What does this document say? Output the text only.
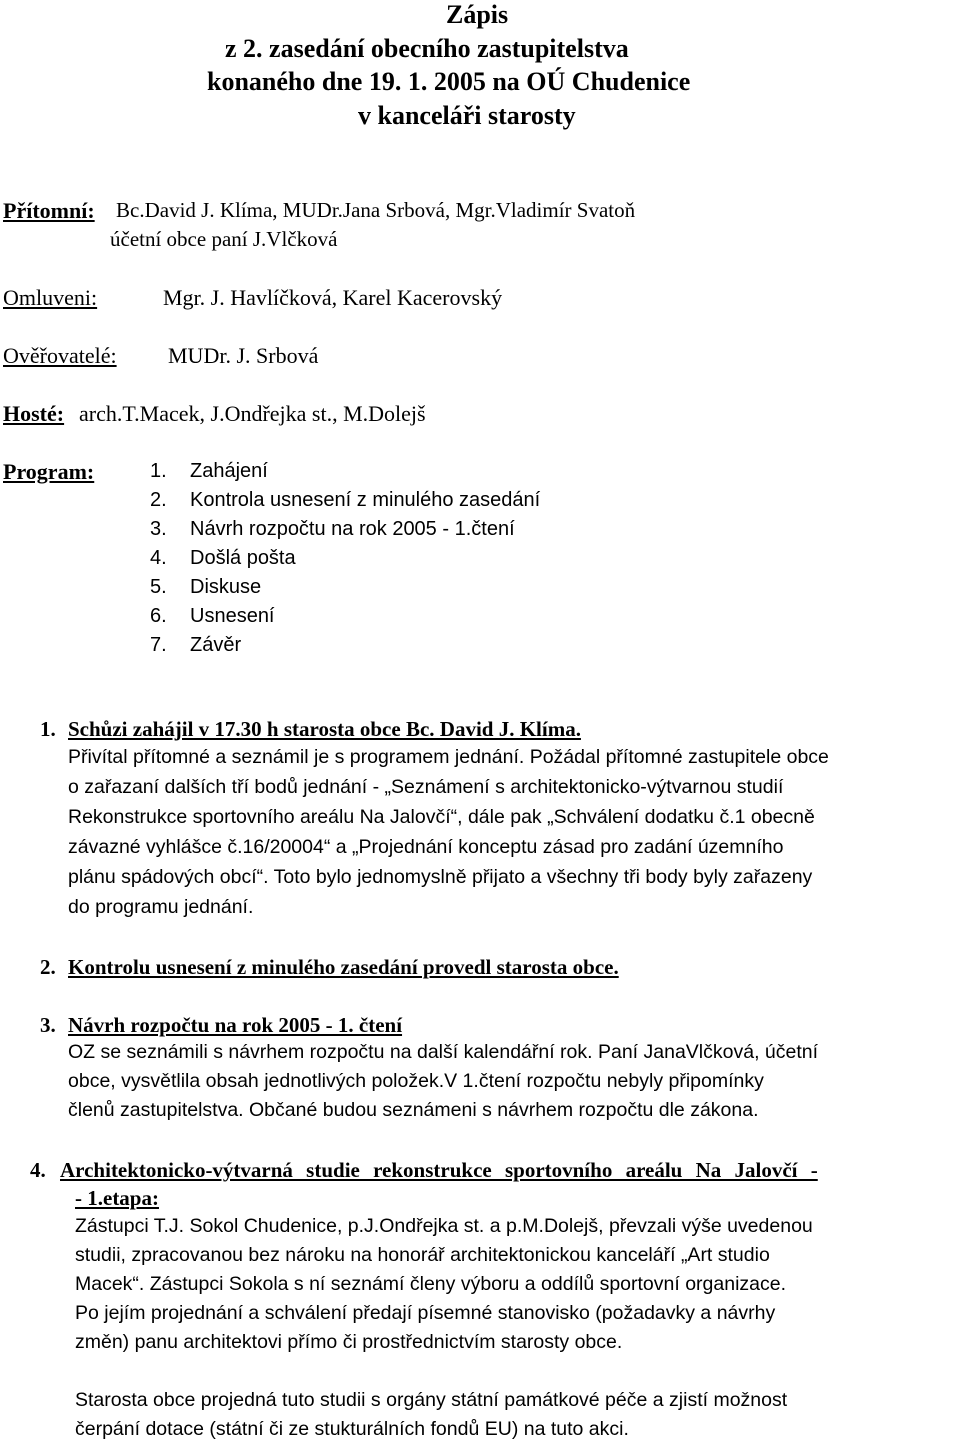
Zápis
z 2. zasedání obecního zastupitelstva
konaného dne 19. 1. 2005 na OÚ Chudenice
v kanceláři starosty
Přítomní: Bc.David J. Klíma, MUDr.Jana Srbová, Mgr.Vladimír Svatoň
účetní obce paní J.Vlčková
Omluveni:	Mgr. J. Havlíčková, Karel Kacerovský
Ověřovatelé: MUDr. J. Srbová
Hosté: arch.T.Macek, J.Ondřejka st., M.Dolejš
Program:	1. Zahájení
2. Kontrola usnesení z minulého zasedání
3. Návrh rozpočtu na rok 2005 - 1.čtení
4. Došlá pošta
5. Diskuse
6. Usnesení
7. Závěr
1. Schůzi zahájil v 17.30 h starosta obce Bc. David J. Klíma.
Přivítal přítomné a seznámil je s programem jednání. Požádal přítomné zastupitele obce
o zařazaní dalších tří bodů jednání - „Seznámení s architektonicko-výtvarnou studií
Rekonstrukce sportovního areálu Na Jalovčí“, dále pak „Schválení dodatku č.1 obecně
závazné vyhlášce č.16/20004“ a „Projednání konceptu zásad pro zadání územního
plánu spádových obcí“. Toto bylo jednomyslně přijato a všechny tři body byly zařazeny
do programu jednání.
2. Kontrolu usnesení z minulého zasedání provedl starosta obce.
3. Návrh rozpočtu na rok 2005 - 1. čtení
OZ se seznámili s návrhem rozpočtu na další kalendářní rok. Paní JanaVlčková, účetní
obce, vysvětlila obsah jednotlivých položek.V 1.čtení rozpočtu nebyly připomínky
členů zastupitelstva. Občané budou seznámeni s návrhem rozpočtu dle zákona.
4. Architektonicko-výtvarná studie rekonstrukce sportovního areálu Na Jalovčí -
- 1.etapa:
Zástupci T.J. Sokol Chudenice, p.J.Ondřejka st. a p.M.Dolejš, převzali výše uvedenou
studii, zpracovanou bez nároku na honorář architektonickou kanceláří „Art studio
Macek“. Zástupci Sokola s ní seznámí členy výboru a oddílů sportovní organizace.
Po jejím projednání a schválení předají písemné stanovisko (požadavky a návrhy
změn) panu architektovi přímo či prostřednictvím starosty obce.
Starosta obce projedná tuto studii s orgány státní památkové péče a zjistí možnost
čerpání dotace (státní či ze stukturálních fondů EU) na tuto akci.
